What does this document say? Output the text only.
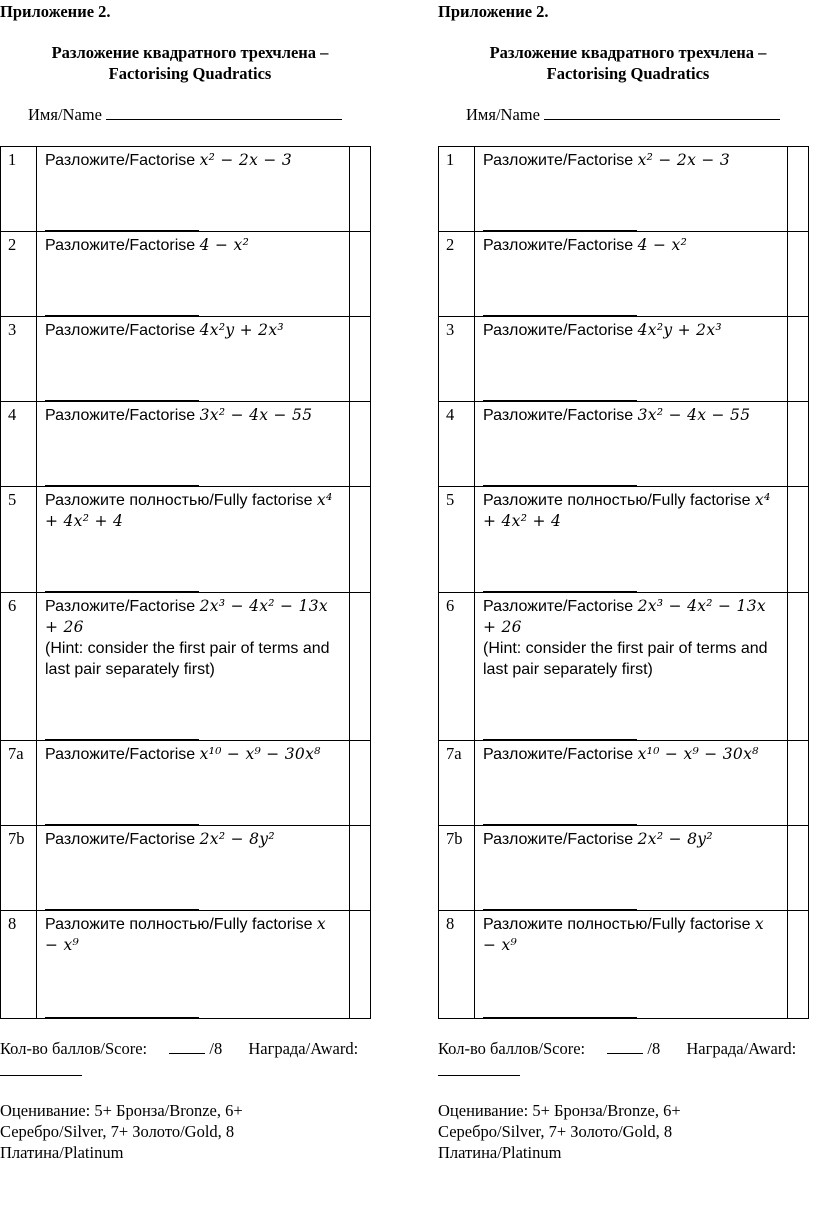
Приложение 2.
Разложение квадратного трехчлена –
Factorising Quadratics
Имя/Name
1	Разложите/Factorise x² − 2x − 3

2	Разложите/Factorise 4 − x²

3	Разложите/Factorise 4x²y + 2x³

4	Разложите/Factorise 3x² − 4x − 55

5	Разложите полностью/Fully factorise x⁴ + 4x² + 4

6	Разложите/Factorise 2x³ − 4x² − 13x + 26
(Hint: consider the first pair of terms and last pair separately first)	

7a	Разложите/Factorise x¹⁰ − x⁹ − 30x⁸

7b	Разложите/Factorise 2x² − 8y²

8	Разложите полностью/Fully factorise x − x⁹

Кол-во баллов/Score:	/8 Награда/Award:

Оценивание: 5+ Бронза/Bronze, 6+ Серебро/Silver, 7+ Золото/Gold, 8 Платина/Platinum
Приложение 2.
Разложение квадратного трехчлена –
Factorising Quadratics
Имя/Name
1	Разложите/Factorise x² − 2x − 3

2	Разложите/Factorise 4 − x²

3	Разложите/Factorise 4x²y + 2x³

4	Разложите/Factorise 3x² − 4x − 55

5	Разложите полностью/Fully factorise x⁴ + 4x² + 4

6	Разложите/Factorise 2x³ − 4x² − 13x + 26
(Hint: consider the first pair of terms and last pair separately first)	

7a	Разложите/Factorise x¹⁰ − x⁹ − 30x⁸

7b	Разложите/Factorise 2x² − 8y²

8	Разложите полностью/Fully factorise x − x⁹

Кол-во баллов/Score:	/8 Награда/Award:

Оценивание: 5+ Бронза/Bronze, 6+ Серебро/Silver, 7+ Золото/Gold, 8 Платина/Platinum
